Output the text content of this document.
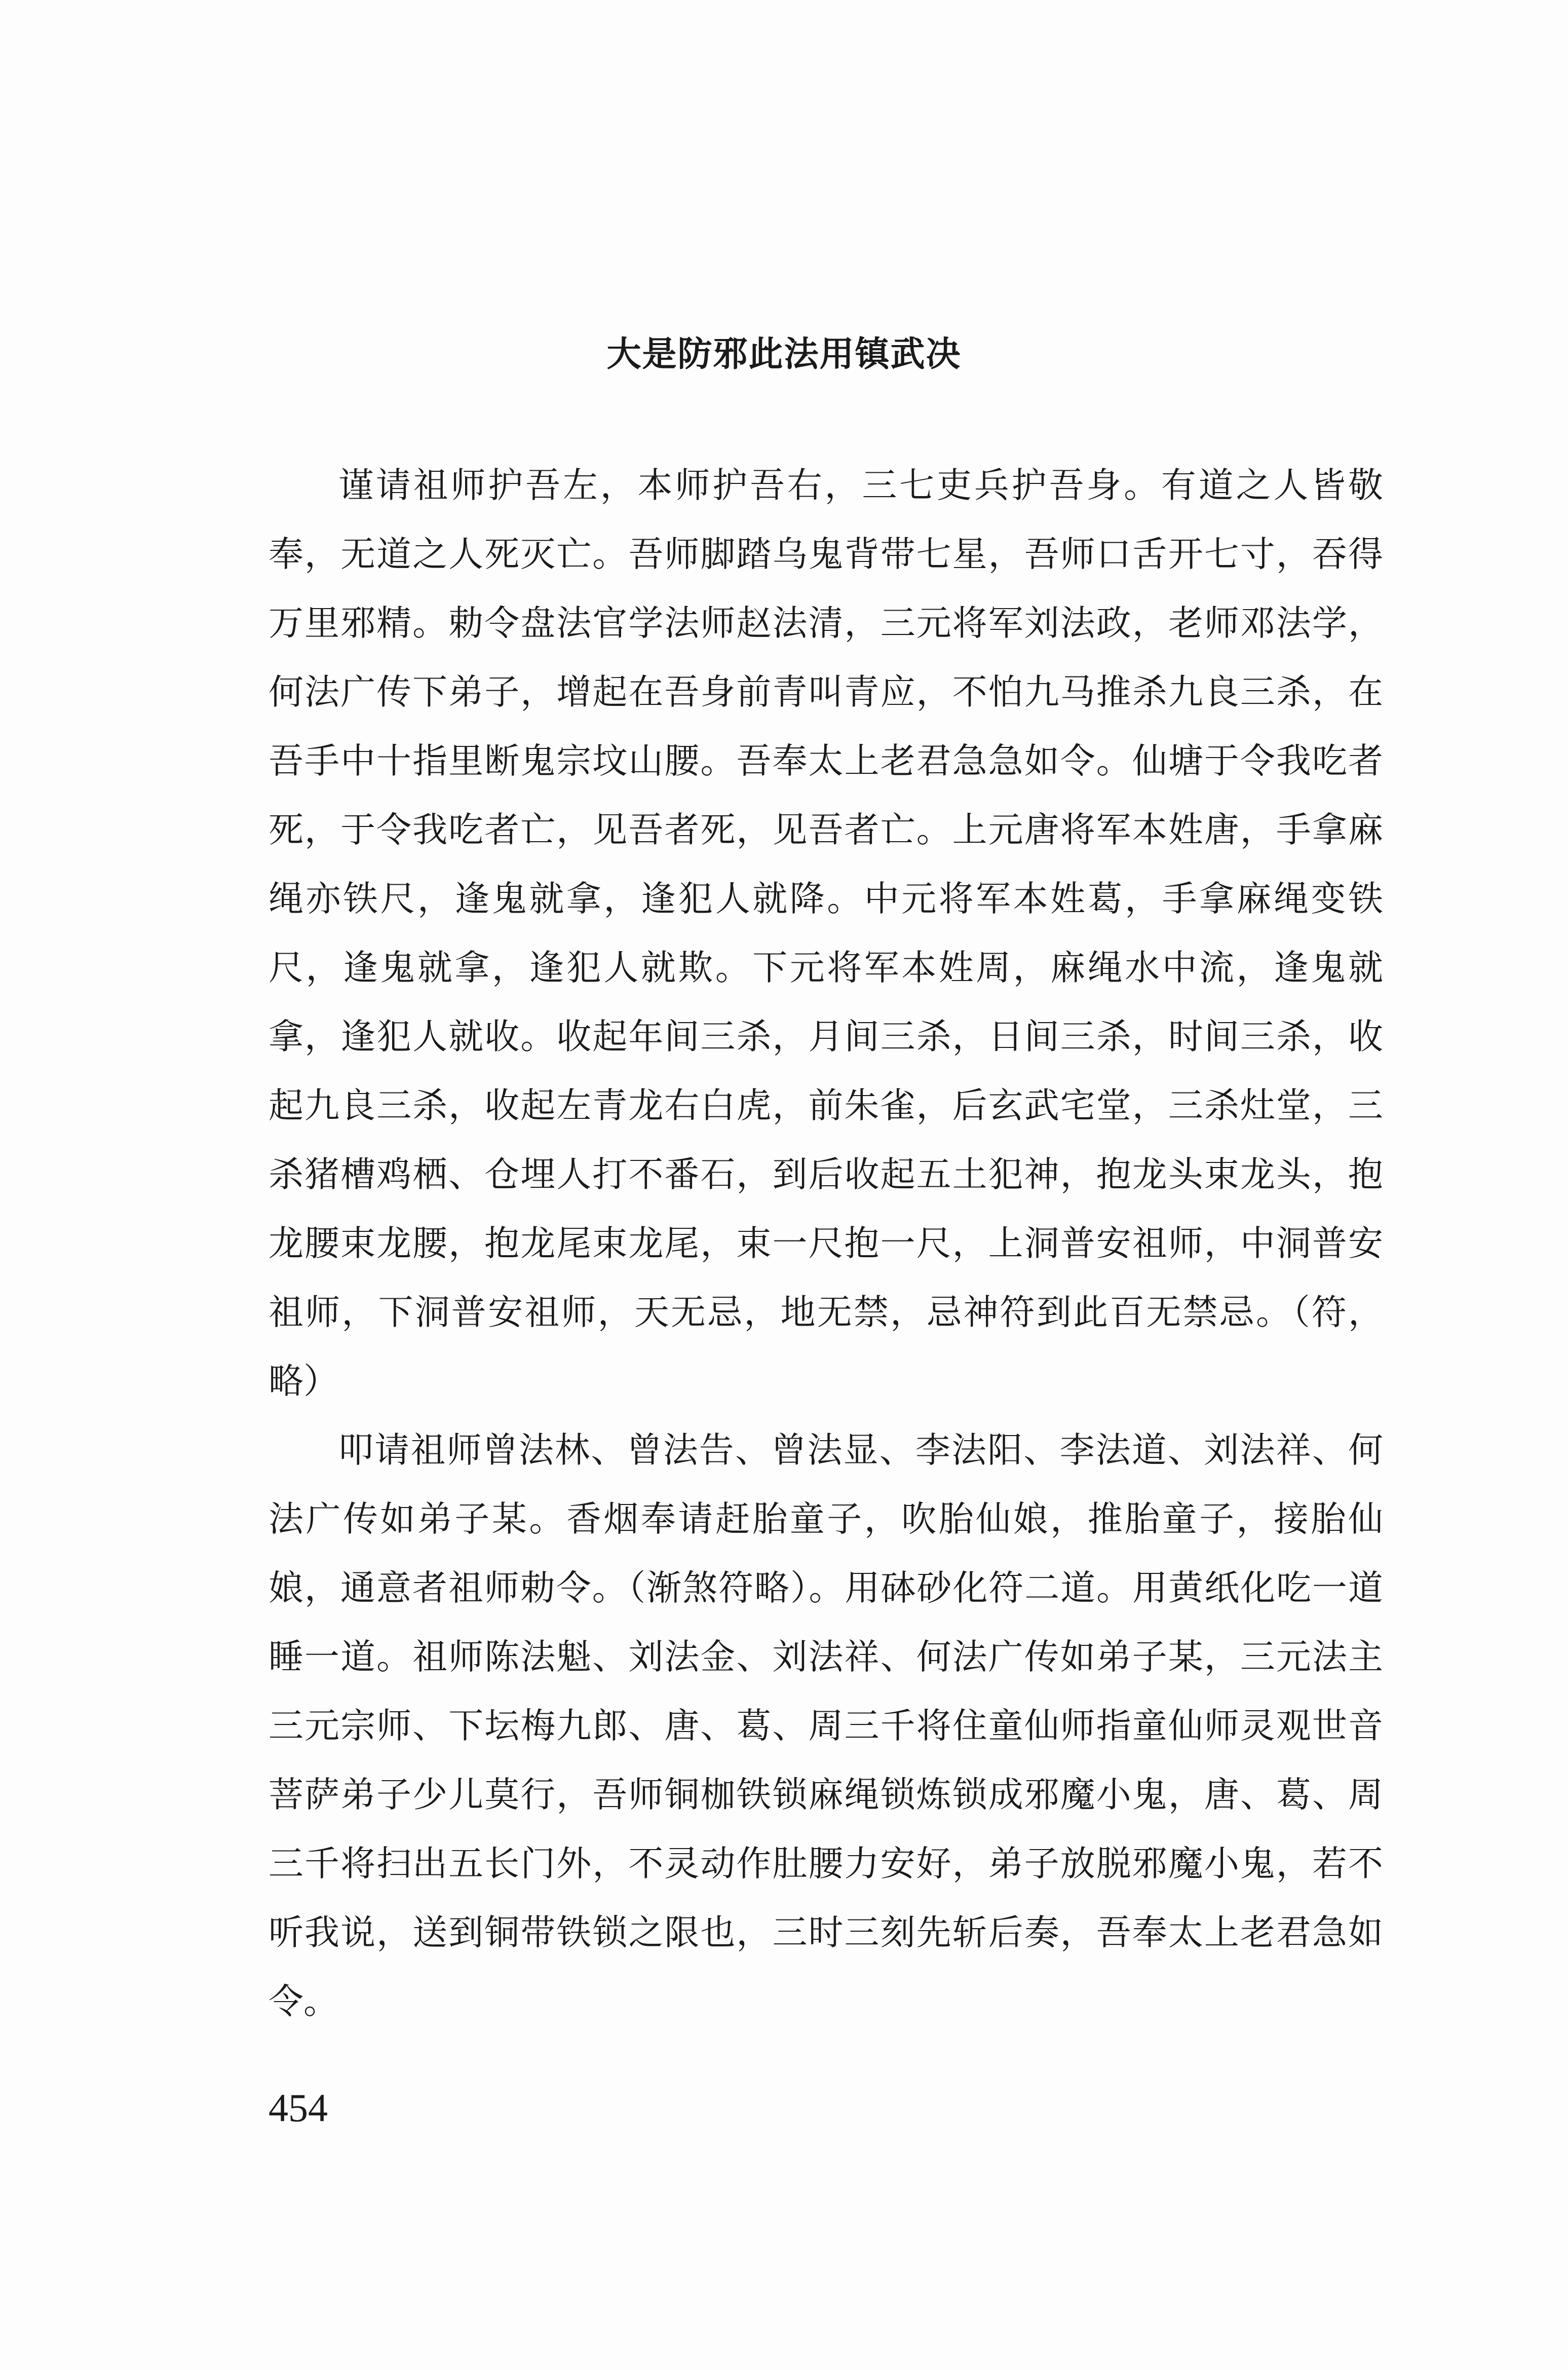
大是防邪此法用镇武决

谨请祖师护吾左，本师护吾右，三七吏兵护吾身。有道之人皆敬奉，无道之人死灭亡。吾师脚踏乌鬼背带七星，吾师口舌开七寸，吞得万里邪精。勅令盘法官学法师赵法清，三元将军刘法政，老师邓法学，何法广传下弟子，增起在吾身前青叫青应，不怕九马推杀九良三杀，在吾手中十指里断鬼宗坟山腰。吾奉太上老君急急如令。仙塘于令我吃者死，于令我吃者亡，见吾者死，见吾者亡。上元唐将军本姓唐，手拿麻绳亦铁尺，逢鬼就拿，逢犯人就降。中元将军本姓葛，手拿麻绳变铁尺，逢鬼就拿，逢犯人就欺。下元将军本姓周，麻绳水中流，逢鬼就拿，逢犯人就收。收起年间三杀，月间三杀，日间三杀，时间三杀，收起九良三杀，收起左青龙右白虎，前朱雀，后玄武宅堂，三杀灶堂，三杀猪槽鸡栖、仓埋人打不番石，到后收起五土犯神，抱龙头束龙头，抱龙腰束龙腰，抱龙尾束龙尾，束一尺抱一尺，上洞普安祖师，中洞普安祖师，下洞普安祖师，天无忌，地无禁，忌神符到此百无禁忌。（符，略）

叩请祖师曾法林、曾法告、曾法显、李法阳、李法道、刘法祥、何法广传如弟子某。香烟奉请赶胎童子，吹胎仙娘，推胎童子，接胎仙娘，通意者祖师勅令。（渐煞符略）。用砵砂化符二道。用黄纸化吃一道睡一道。祖师陈法魁、刘法金、刘法祥、何法广传如弟子某，三元法主三元宗师、下坛梅九郎、唐、葛、周三千将住童仙师指童仙师灵观世音菩萨弟子少儿莫行，吾师铜枷铁锁麻绳锁炼锁成邪魔小鬼，唐、葛、周三千将扫出五长门外，不灵动作肚腰力安好，弟子放脱邪魔小鬼，若不听我说，送到铜带铁锁之限也，三时三刻先斩后奏，吾奉太上老君急如令。

454
